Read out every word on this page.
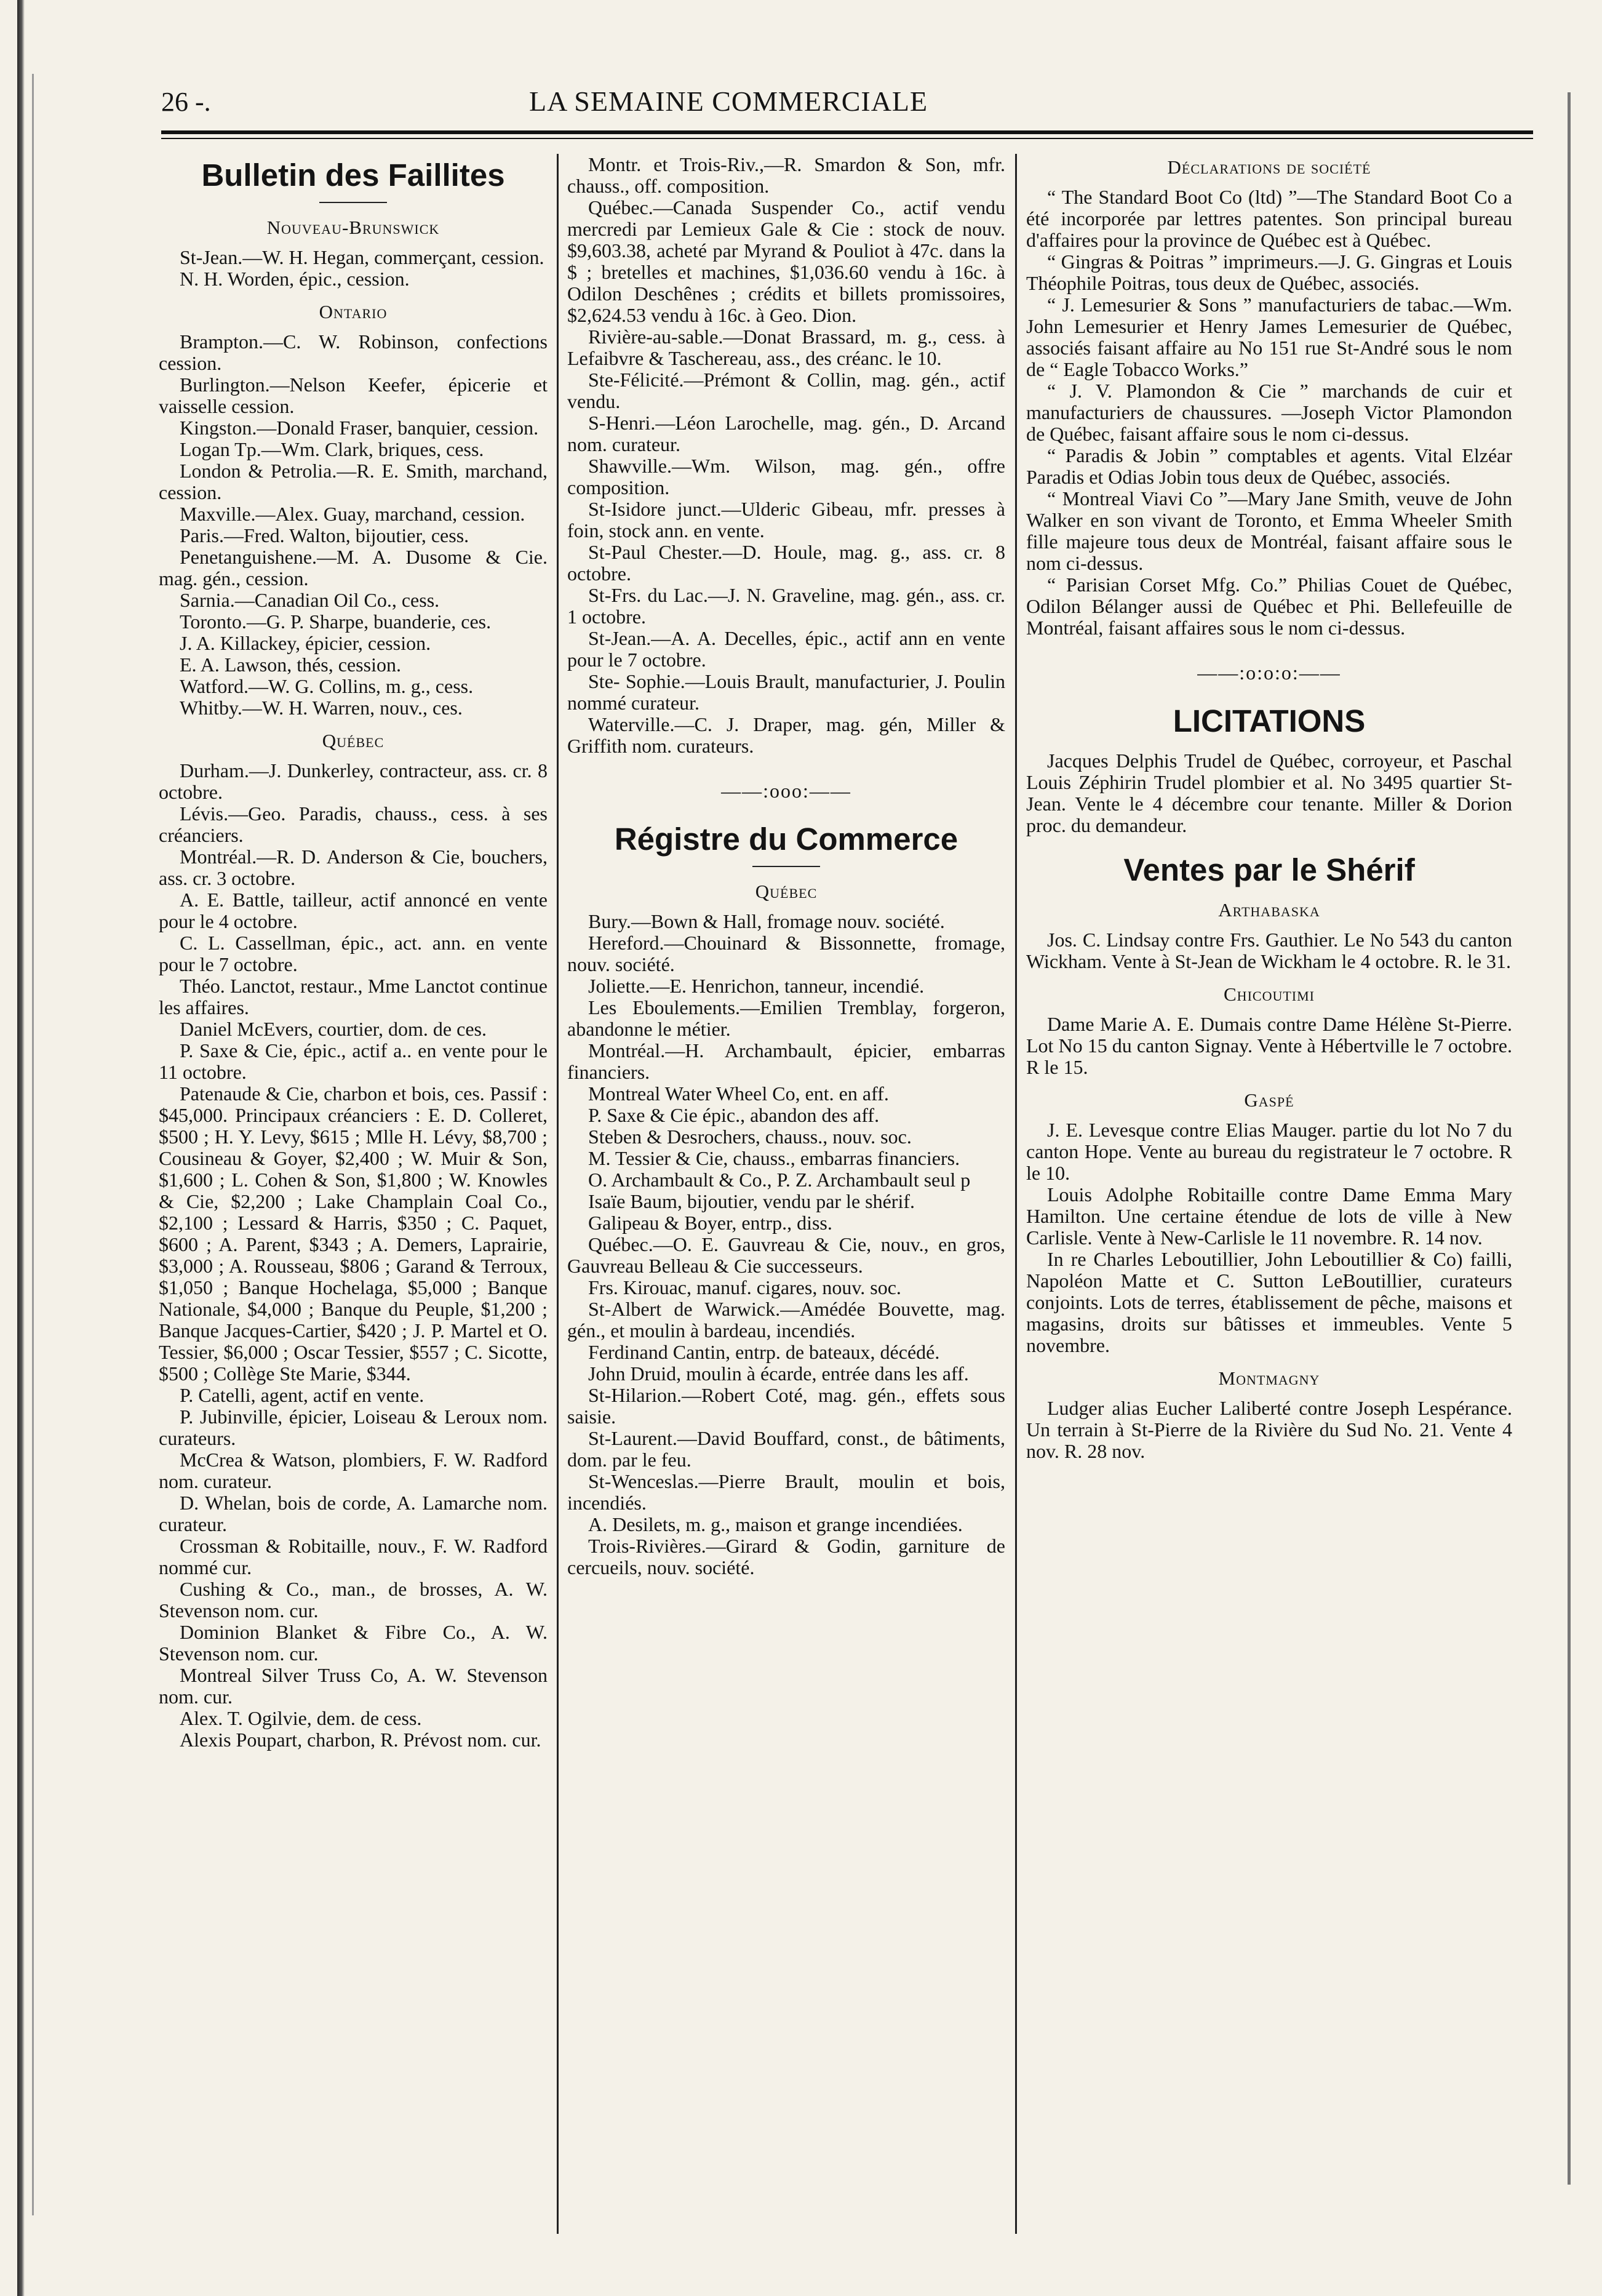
26 -.	LA SEMAINE COMMERCIALE
Bulletin des Faillites
Nouveau-Brunswick

St-Jean.—W. H. Hegan, commerçant, cession.

N. H. Worden, épic., cession.

Ontario

Brampton.—C. W. Robinson, confections cession.

Burlington.—Nelson Keefer, épicerie et vaisselle cession.

Kingston.—Donald Fraser, banquier, cession.

Logan Tp.—Wm. Clark, briques, cess.

London & Petrolia.—R. E. Smith, marchand, cession.

Maxville.—Alex. Guay, marchand, cession.

Paris.—Fred. Walton, bijoutier, cess.

Penetanguishene.—M. A. Dusome & Cie. mag. gén., cession.

Sarnia.—Canadian Oil Co., cess.

Toronto.—G. P. Sharpe, buanderie, ces.

J. A. Killackey, épicier, cession.

E. A. Lawson, thés, cession.

Watford.—W. G. Collins, m. g., cess.

Whitby.—W. H. Warren, nouv., ces.

Québec

Durham.—J. Dunkerley, contracteur, ass. cr. 8 octobre.

Lévis.—Geo. Paradis, chauss., cess. à ses créanciers.

Montréal.—R. D. Anderson & Cie, bouchers, ass. cr. 3 octobre.

A. E. Battle, tailleur, actif annoncé en vente pour le 4 octobre.

C. L. Cassellman, épic., act. ann. en vente pour le 7 octobre.

Théo. Lanctot, restaur., Mme Lanctot continue les affaires.

Daniel McEvers, courtier, dom. de ces.

P. Saxe & Cie, épic., actif a.. en vente pour le 11 octobre.

Patenaude & Cie, charbon et bois, ces. Passif : $45,000. Principaux créanciers : E. D. Colleret, $500 ; H. Y. Levy, $615 ; Mlle H. Lévy, $8,700 ; Cousineau & Goyer, $2,400 ; W. Muir & Son, $1,600 ; L. Cohen & Son, $1,800 ; W. Knowles & Cie, $2,200 ; Lake Champlain Coal Co., $2,100 ; Lessard & Harris, $350 ; C. Paquet, $600 ; A. Parent, $343 ; A. Demers, Laprairie, $3,000 ; A. Rousseau, $806 ; Garand & Terroux, $1,050 ; Banque Hochelaga, $5,000 ; Banque Nationale, $4,000 ; Banque du Peuple, $1,200 ; Banque Jacques-Cartier, $420 ; J. P. Martel et O. Tessier, $6,000 ; Oscar Tessier, $557 ; C. Sicotte, $500 ; Collège Ste Marie, $344.

P. Catelli, agent, actif en vente.

P. Jubinville, épicier, Loiseau & Leroux nom. curateurs.

McCrea & Watson, plombiers, F. W. Radford nom. curateur.

D. Whelan, bois de corde, A. Lamarche nom. curateur.

Crossman & Robitaille, nouv., F. W. Radford nommé cur.

Cushing & Co., man., de brosses, A. W. Stevenson nom. cur.

Dominion Blanket & Fibre Co., A. W. Stevenson nom. cur.

Montreal Silver Truss Co, A. W. Stevenson nom. cur.

Alex. T. Ogilvie, dem. de cess.

Alexis Poupart, charbon, R. Prévost nom. cur.

Montr. et Trois-Riv.,—R. Smardon & Son, mfr. chauss., off. composition.

Québec.—Canada Suspender Co., actif vendu mercredi par Lemieux Gale & Cie : stock de nouv. $9,603.38, acheté par Myrand & Pouliot à 47c. dans la $ ; bretelles et machines, $1,036.60 vendu à 16c. à Odilon Deschênes ; crédits et billets promissoires, $2,624.53 vendu à 16c. à Geo. Dion.

Rivière-au-sable.—Donat Brassard, m. g., cess. à Lefaibvre & Taschereau, ass., des créanc. le 10.

Ste-Félicité.—Prémont & Collin, mag. gén., actif vendu.

S-Henri.—Léon Larochelle, mag. gén., D. Arcand nom. curateur.

Shawville.—Wm. Wilson, mag. gén., offre composition.

St-Isidore junct.—Ulderic Gibeau, mfr. presses à foin, stock ann. en vente.

St-Paul Chester.—D. Houle, mag. g., ass. cr. 8 octobre.

St-Frs. du Lac.—J. N. Graveline, mag. gén., ass. cr. 1 octobre.

St-Jean.—A. A. Decelles, épic., actif ann en vente pour le 7 octobre.

Ste- Sophie.—Louis Brault, manufacturier, J. Poulin nommé curateur.

Waterville.—C. J. Draper, mag. gén, Miller & Griffith nom. curateurs.

——:ooo:——
Régistre du Commerce
Québec

Bury.—Bown & Hall, fromage nouv. société.

Hereford.—Chouinard & Bissonnette, fromage, nouv. société.

Joliette.—E. Henrichon, tanneur, incendié.

Les Eboulements.—Emilien Tremblay, forgeron, abandonne le métier.

Montréal.—H. Archambault, épicier, embarras financiers.

Montreal Water Wheel Co, ent. en aff.

P. Saxe & Cie épic., abandon des aff.

Steben & Desrochers, chauss., nouv. soc.

M. Tessier & Cie, chauss., embarras financiers.

O. Archambault & Co., P. Z. Archambault seul p

Isaïe Baum, bijoutier, vendu par le shérif.

Galipeau & Boyer, entrp., diss.

Québec.—O. E. Gauvreau & Cie, nouv., en gros, Gauvreau Belleau & Cie successeurs.

Frs. Kirouac, manuf. cigares, nouv. soc.

St-Albert de Warwick.—Amédée Bouvette, mag. gén., et moulin à bardeau, incendiés.

Ferdinand Cantin, entrp. de bateaux, décédé.

John Druid, moulin à écarde, entrée dans les aff.

St-Hilarion.—Robert Coté, mag. gén., effets sous saisie.

St-Laurent.—David Bouffard, const., de bâtiments, dom. par le feu.

St-Wenceslas.—Pierre Brault, moulin et bois, incendiés.

A. Desilets, m. g., maison et grange incendiées.

Trois-Rivières.—Girard & Godin, garniture de cercueils, nouv. société.

Déclarations de société

“ The Standard Boot Co (ltd) ”—The Standard Boot Co a été incorporée par lettres patentes. Son principal bureau d'affaires pour la province de Québec est à Québec.

“ Gingras & Poitras ” imprimeurs.—J. G. Gingras et Louis Théophile Poitras, tous deux de Québec, associés.

“ J. Lemesurier & Sons ” manufacturiers de tabac.—Wm. John Lemesurier et Henry James Lemesurier de Québec, associés faisant affaire au No 151 rue St-André sous le nom de “ Eagle Tobacco Works.”

“ J. V. Plamondon & Cie ” marchands de cuir et manufacturiers de chaussures. —Joseph Victor Plamondon de Québec, faisant affaire sous le nom ci-dessus.

“ Paradis & Jobin ” comptables et agents. Vital Elzéar Paradis et Odias Jobin tous deux de Québec, associés.

“ Montreal Viavi Co ”—Mary Jane Smith, veuve de John Walker en son vivant de Toronto, et Emma Wheeler Smith fille majeure tous deux de Montréal, faisant affaire sous le nom ci-dessus.

“ Parisian Corset Mfg. Co.” Philias Couet de Québec, Odilon Bélanger aussi de Québec et Phi. Bellefeuille de Montréal, faisant affaires sous le nom ci-dessus.

——:o:o:o:——
LICITATIONS

Jacques Delphis Trudel de Québec, corroyeur, et Paschal Louis Zéphirin Trudel plombier et al. No 3495 quartier St-Jean. Vente le 4 décembre cour tenante. Miller & Dorion proc. du demandeur.

Ventes par le Shérif
Arthabaska

Jos. C. Lindsay contre Frs. Gauthier. Le No 543 du canton Wickham. Vente à St-Jean de Wickham le 4 octobre. R. le 31.

Chicoutimi

Dame Marie A. E. Dumais contre Dame Hélène St-Pierre. Lot No 15 du canton Signay. Vente à Hébertville le 7 octobre. R le 15.

Gaspé

J. E. Levesque contre Elias Mauger. partie du lot No 7 du canton Hope. Vente au bureau du registrateur le 7 octobre. R le 10.

Louis Adolphe Robitaille contre Dame Emma Mary Hamilton. Une certaine étendue de lots de ville à New Carlisle. Vente à New-Carlisle le 11 novembre. R. 14 nov.

In re Charles Leboutillier, John Leboutillier & Co) failli, Napoléon Matte et C. Sutton LeBoutillier, curateurs conjoints. Lots de terres, établissement de pêche, maisons et magasins, droits sur bâtisses et immeubles. Vente 5 novembre.

Montmagny

Ludger alias Eucher Laliberté contre Joseph Lespérance. Un terrain à St-Pierre de la Rivière du Sud No. 21. Vente 4 nov. R. 28 nov.
